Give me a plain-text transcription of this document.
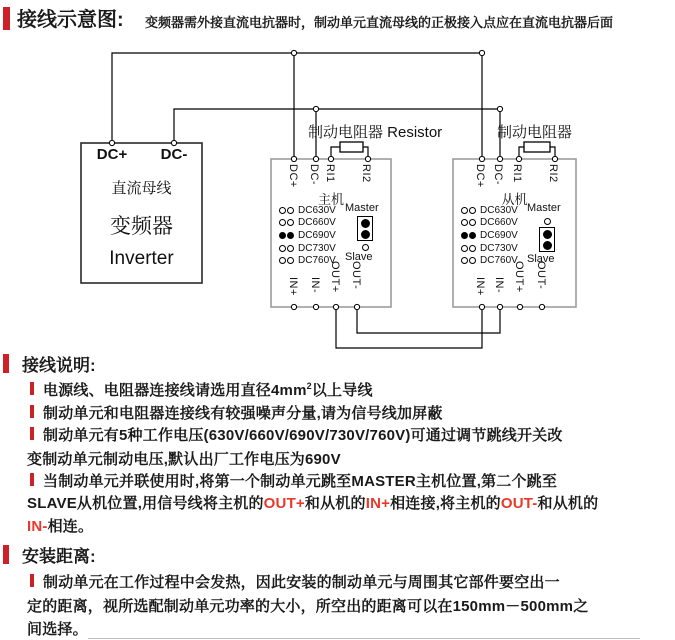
接线示意图: 变频器需外接直流电抗器时，制动单元直流母线的正极接入点应在直流电抗器后面
DC+	DC-
直流母线
变频器
Inverter
制动电阻器 Resistor	制动电阻器
DC+ DC- RI1 RI2
主机
DC630V
DC660V
DC690V
DC730V
DC760V
Master
Slave
IN+ IN- OUT+ OUT-
DC+ DC- RI1 RI2
从机
DC630V
DC660V
DC690V
DC730V
DC760V
Master
Slave
IN+ IN- OUT+ OUT-
接线说明:
电源线、电阻器连接线请选用直径$4mm^2$以上导线
制动单元和电阻器连接线有较强噪声分量,请为信号线加屏蔽
制动单元有5种工作电压(630V/660V/690V/730V/760V)可通过调节跳线开关改
变制动单元制动电压,默认出厂工作电压为690V
当制动单元并联使用时,将第一个制动单元跳至MASTER主机位置,第二个跳至
SLAVE从机位置,用信号线将主机的OUT+和从机的IN+相连接,将主机的OUT-和从机的
IN-相连。
安装距离:
制动单元在工作过程中会发热，因此安装的制动单元与周围其它部件要空出一
定的距离，视所选配制动单元功率的大小，所空出的距离可以在150mm－500mm之
间选择。
